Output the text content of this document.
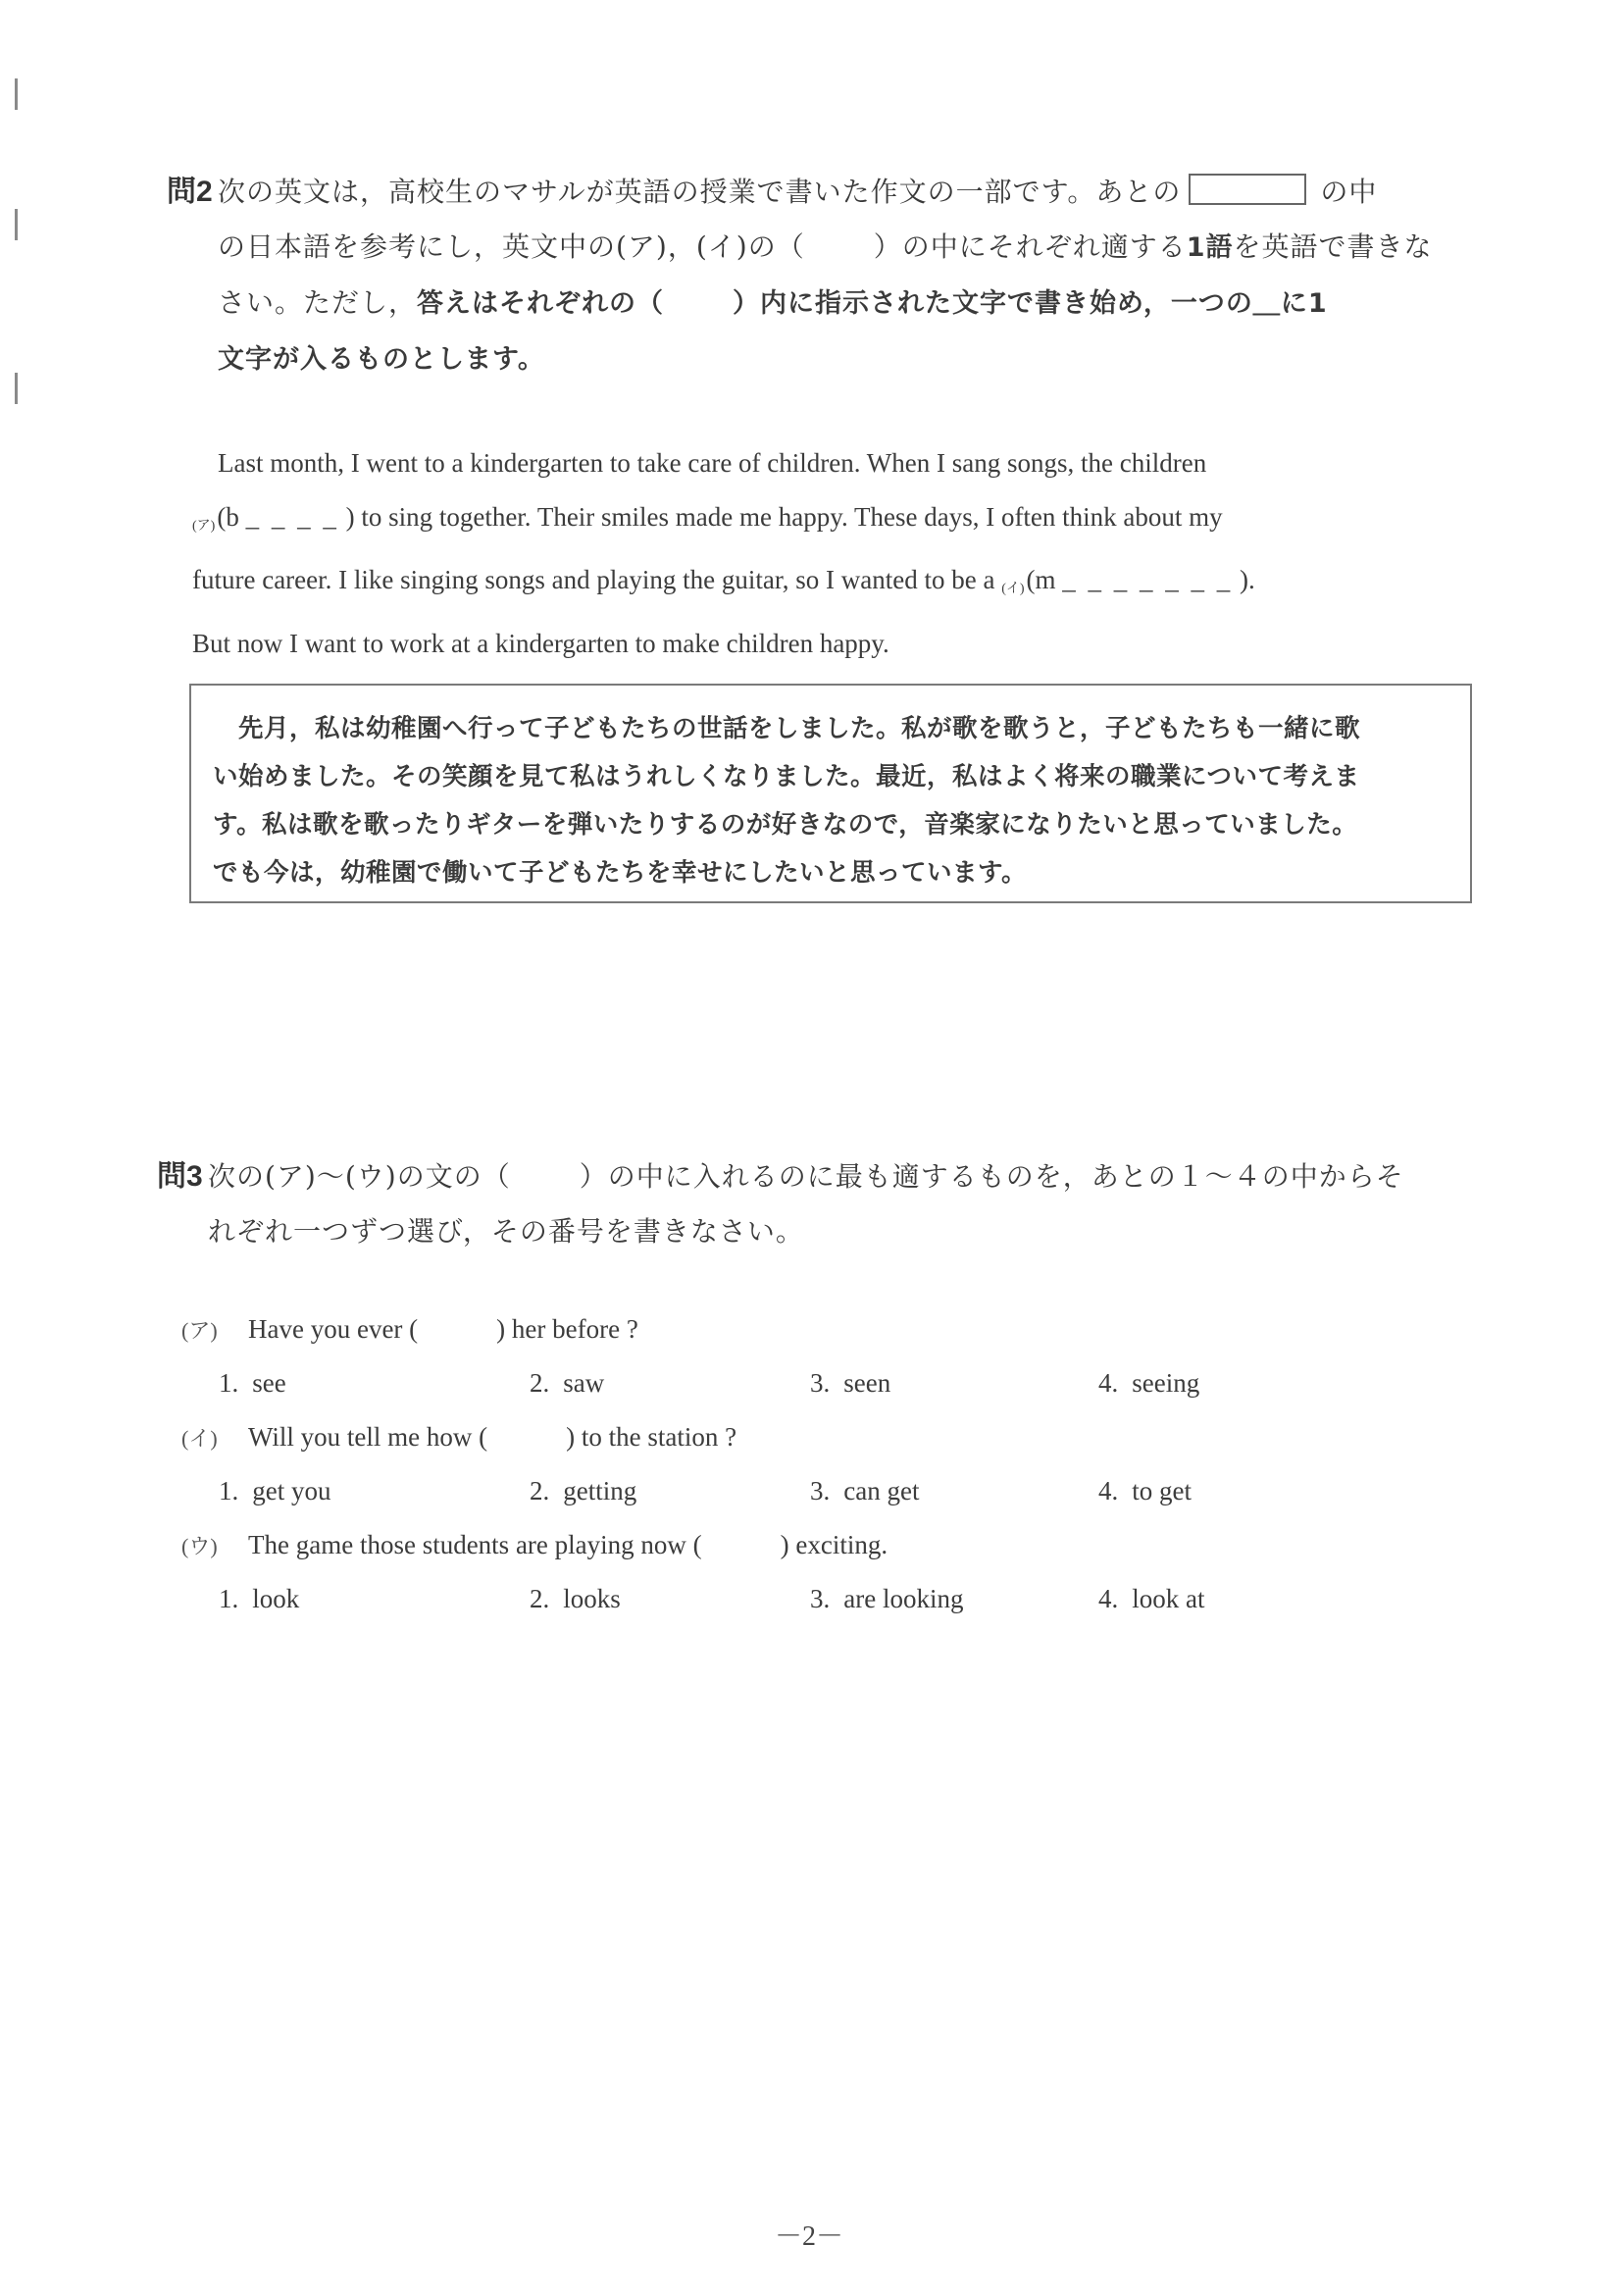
問2 次の英文は，高校生のマサルが英語の授業で書いた作文の一部です。あとの	の中
の日本語を参考にし，英文中の(ア)，(イ)の（	）の中にそれぞれ適する1語を英語で書きな
さい。ただし，答えはそれぞれの（	）内に指示された文字で書き始め，一つの＿に1
文字が入るものとします。
Last month, I went to a kindergarten to take care of children. When I sang songs, the children
(ア)(b _ _ _ _ ) to sing together. Their smiles made me happy. These days, I often think about my
future career. I like singing songs and playing the guitar, so I wanted to be a (イ)(m _ _ _ _ _ _ _ ).
But now I want to work at a kindergarten to make children happy.
　先月，私は幼稚園へ行って子どもたちの世話をしました。私が歌を歌うと，子どもたちも一緒に歌
い始めました。その笑顔を見て私はうれしくなりました。最近，私はよく将来の職業について考えま
す。私は歌を歌ったりギターを弾いたりするのが好きなので，音楽家になりたいと思っていました。
でも今は，幼稚園で働いて子どもたちを幸せにしたいと思っています。
問3 次の(ア)～(ウ)の文の（	）の中に入れるのに最も適するものを，あとの１～４の中からそ
れぞれ一つずつ選び，その番号を書きなさい。
(ア) Have you ever (	) her before ?
1. see	2. saw	3. seen	4. seeing
(イ) Will you tell me how (	) to the station ?
1. get you	2. getting	3. can get	4. to get
(ウ) The game those students are playing now (	) exciting.
1. look	2. looks	3. are looking	4. look at
－2－
